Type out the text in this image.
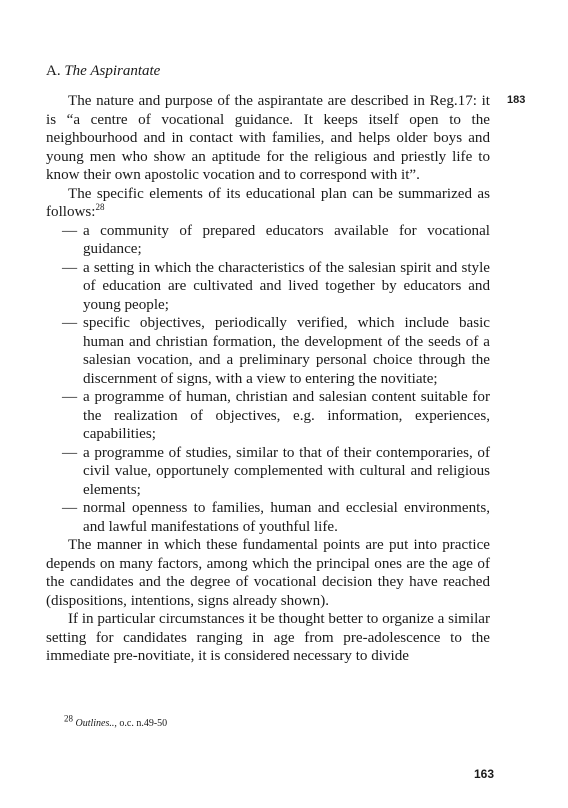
A. The Aspirantate
183

The nature and purpose of the aspirantate are described in Reg.17: it is “a centre of vocational guidance. It keeps itself open to the neighbourhood and in contact with families, and helps older boys and young men who show an aptitude for the religious and priestly life to know their own apostolic vocation and to correspond with it”.

The specific elements of its educational plan can be summarized as follows:$^{28}$

— a community of prepared educators available for vocational guidance;
— a setting in which the characteristics of the salesian spirit and style of education are cultivated and lived together by educators and young people;
— specific objectives, periodically verified, which include basic human and christian formation, the development of the seeds of a salesian vocation, and a preliminary personal choice through the discernment of signs, with a view to entering the novitiate;
— a programme of human, christian and salesian content suitable for the realization of objectives, e.g. information, experiences, capabilities;
— a programme of studies, similar to that of their contemporaries, of civil value, opportunely complemented with cultural and religious elements;
— normal openness to families, human and ecclesial environments, and lawful manifestations of youthful life.

The manner in which these fundamental points are put into practice depends on many factors, among which the principal ones are the age of the candidates and the degree of vocational decision they have reached (dispositions, intentions, signs already shown).

If in particular circumstances it be thought better to organize a similar setting for candidates ranging in age from pre-adolescence to the immediate pre-novitiate, it is considered necessary to divide

$^{28}$ Outlines.., o.c. n.49-50
163
